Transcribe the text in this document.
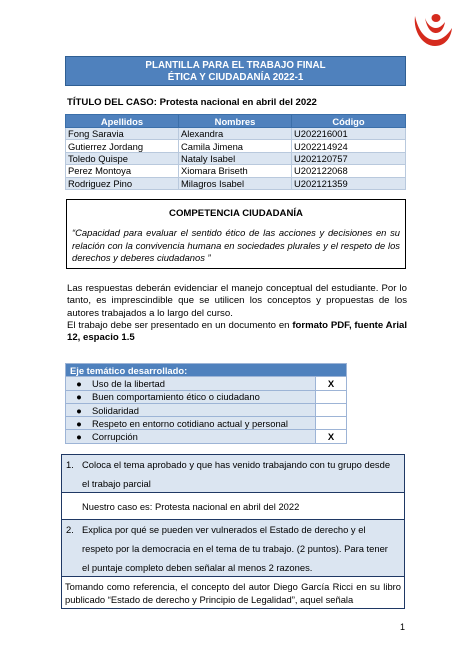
PLANTILLA PARA EL TRABAJO FINAL
ÉTICA Y CIUDADANÍA 2022-1
TÍTULO DEL CASO: Protesta nacional en abril del 2022
Apellidos	Nombres	Código
Fong Saravia	Alexandra	U202216001
Gutierrez Jordang	Camila Jimena	U202214924
Toledo Quispe	Nataly Isabel	U202120757
Perez Montoya	Xiomara Briseth	U202122068
Rodriguez Pino	Milagros Isabel	U202121359
COMPETENCIA CIUDADANÍA
“Capacidad para evaluar el sentido ético de las acciones y decisiones en su relación con la convivencia humana en sociedades plurales y el respeto de los derechos y deberes ciudadanos ”
Las respuestas deberán evidenciar el manejo conceptual del estudiante. Por lo tanto, es imprescindible que se utilicen los conceptos y propuestas de los autores trabajados a lo largo del curso.
El trabajo debe ser presentado en un documento en formato PDF, fuente Arial 12, espacio 1.5
Eje temático desarrollado:	
● Uso de la libertad	X
● Buen comportamiento ético o ciudadano	
● Solidaridad	
● Respeto en entorno cotidiano actual y personal	
● Corrupción	X
1. Coloca el tema aprobado y que has venido trabajando con tu grupo desde
el trabajo parcial
Nuestro caso es: Protesta nacional en abril del 2022
2. Explica por qué se pueden ver vulnerados el Estado de derecho y el
respeto por la democracia en el tema de tu trabajo. (2 puntos). Para tener
el puntaje completo deben señalar al menos 2 razones.
Tomando como referencia, el concepto del autor Diego García Ricci en su libro publicado “Estado de derecho y Principio de Legalidad”, aquel señala
1
